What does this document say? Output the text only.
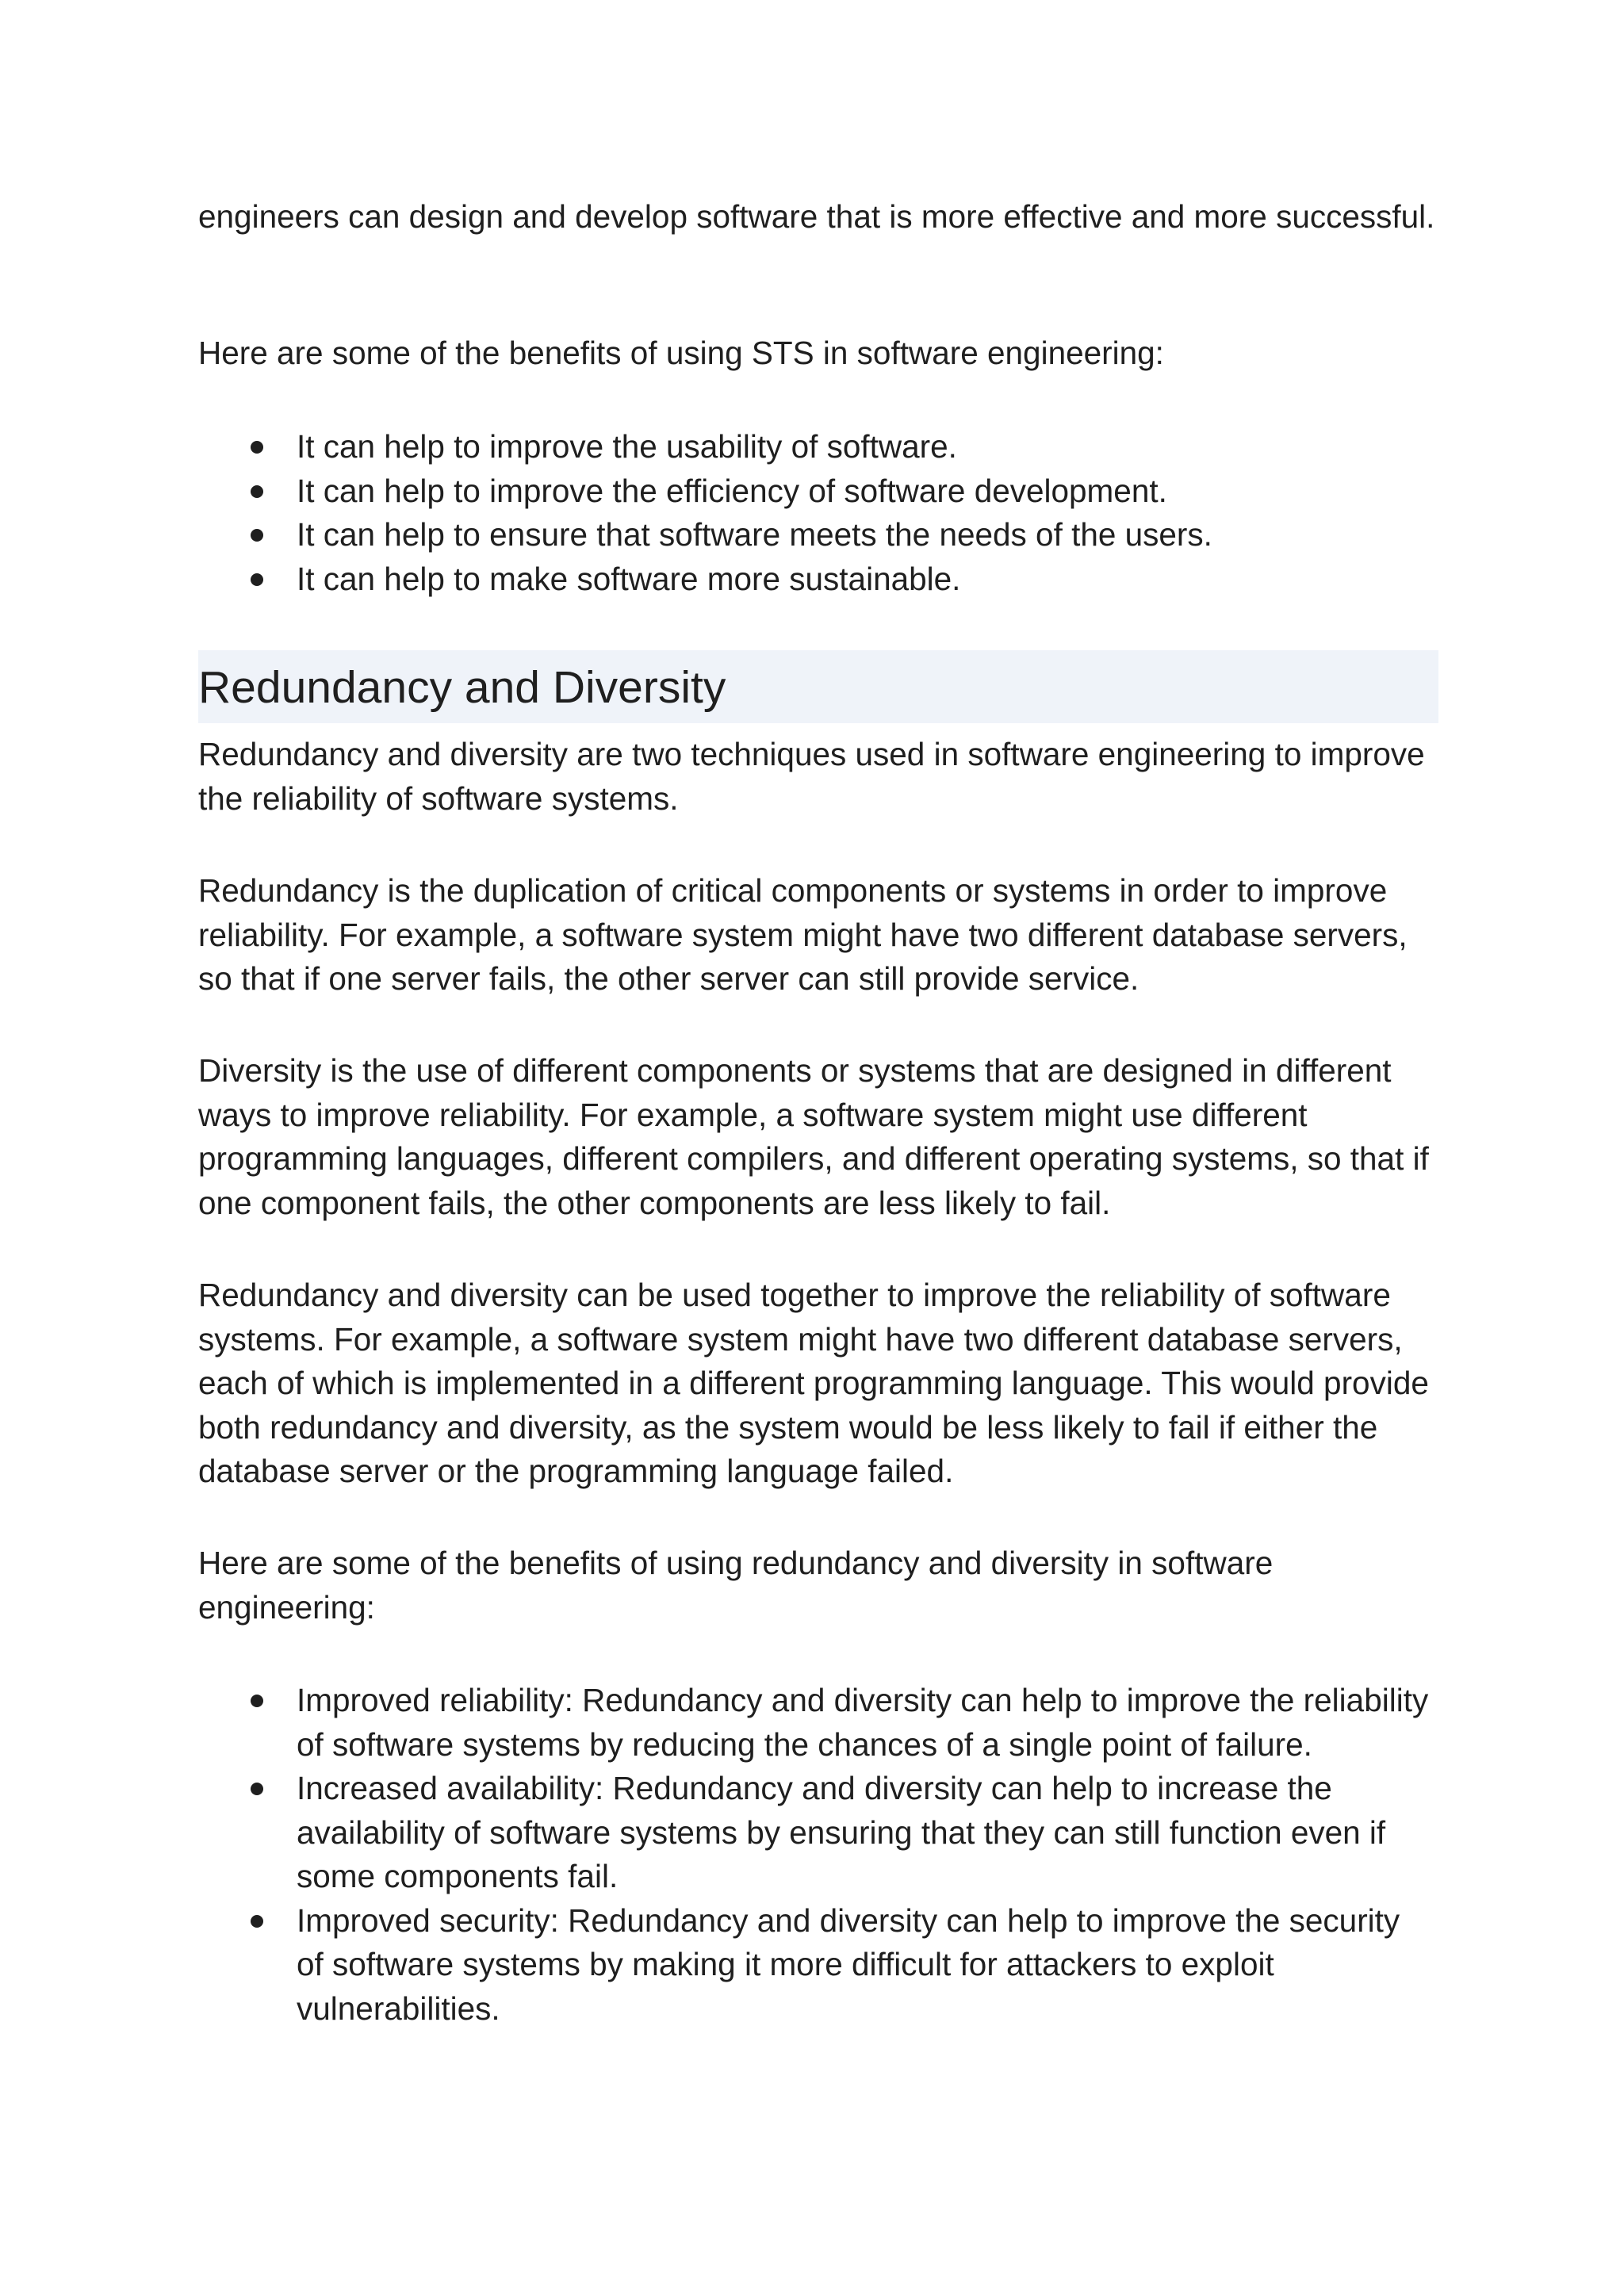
engineers can design and develop software that is more effective and more successful.

Here are some of the benefits of using STS in software engineering:

It can help to improve the usability of software.
It can help to improve the efficiency of software development.
It can help to ensure that software meets the needs of the users.
It can help to make software more sustainable.
Redundancy and Diversity

Redundancy and diversity are two techniques used in software engineering to improve the reliability of software systems.

Redundancy is the duplication of critical components or systems in order to improve reliability. For example, a software system might have two different database servers, so that if one server fails, the other server can still provide service.

Diversity is the use of different components or systems that are designed in different ways to improve reliability. For example, a software system might use different programming languages, different compilers, and different operating systems, so that if one component fails, the other components are less likely to fail.

Redundancy and diversity can be used together to improve the reliability of software systems. For example, a software system might have two different database servers, each of which is implemented in a different programming language. This would provide both redundancy and diversity, as the system would be less likely to fail if either the database server or the programming language failed.

Here are some of the benefits of using redundancy and diversity in software engineering:

Improved reliability: Redundancy and diversity can help to improve the reliability of software systems by reducing the chances of a single point of failure.
Increased availability: Redundancy and diversity can help to increase the availability of software systems by ensuring that they can still function even if some components fail.
Improved security: Redundancy and diversity can help to improve the security of software systems by making it more difficult for attackers to exploit vulnerabilities.
